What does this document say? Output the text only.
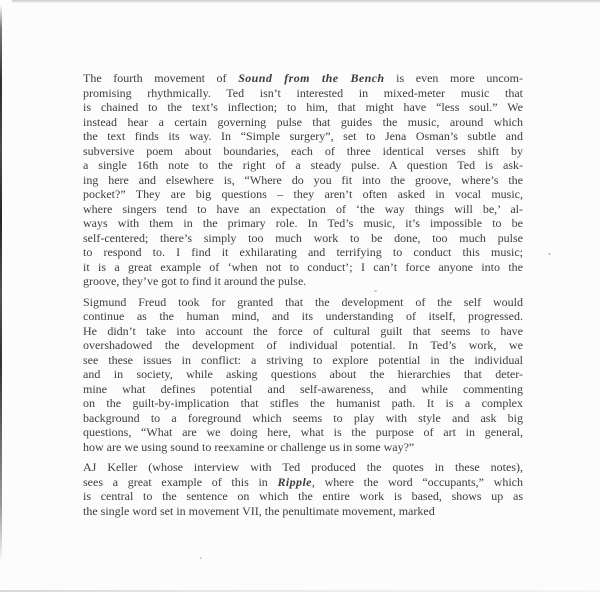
The fourth movement of Sound from the Bench is even more uncom-
promising rhythmically. Ted isn’t interested in mixed-meter music that
is chained to the text’s inflection; to him, that might have “less soul.” We
instead hear a certain governing pulse that guides the music, around which
the text finds its way. In “Simple surgery”, set to Jena Osman’s subtle and
subversive poem about boundaries, each of three identical verses shift by
a single 16th note to the right of a steady pulse. A question Ted is ask-
ing here and elsewhere is, “Where do you fit into the groove, where’s the
pocket?” They are big questions – they aren’t often asked in vocal music,
where singers tend to have an expectation of ‘the way things will be,’ al-
ways with them in the primary role. In Ted’s music, it’s impossible to be
self-centered; there’s simply too much work to be done, too much pulse
to respond to. I find it exhilarating and terrifying to conduct this music;
it is a great example of ‘when not to conduct’; I can’t force anyone into the
groove, they’ve got to find it around the pulse.
Sigmund Freud took for granted that the development of the self would
continue as the human mind, and its understanding of itself, progressed.
He didn’t take into account the force of cultural guilt that seems to have
overshadowed the development of individual potential. In Ted’s work, we
see these issues in conflict: a striving to explore potential in the individual
and in society, while asking questions about the hierarchies that deter-
mine what defines potential and self-awareness, and while commenting
on the guilt-by-implication that stifles the humanist path. It is a complex
background to a foreground which seems to play with style and ask big
questions, “What are we doing here, what is the purpose of art in general,
how are we using sound to reexamine or challenge us in some way?”
AJ Keller (whose interview with Ted produced the quotes in these notes),
sees a great example of this in Ripple, where the word “occupants,” which
is central to the sentence on which the entire work is based, shows up as
the single word set in movement VII, the penultimate movement, marked
